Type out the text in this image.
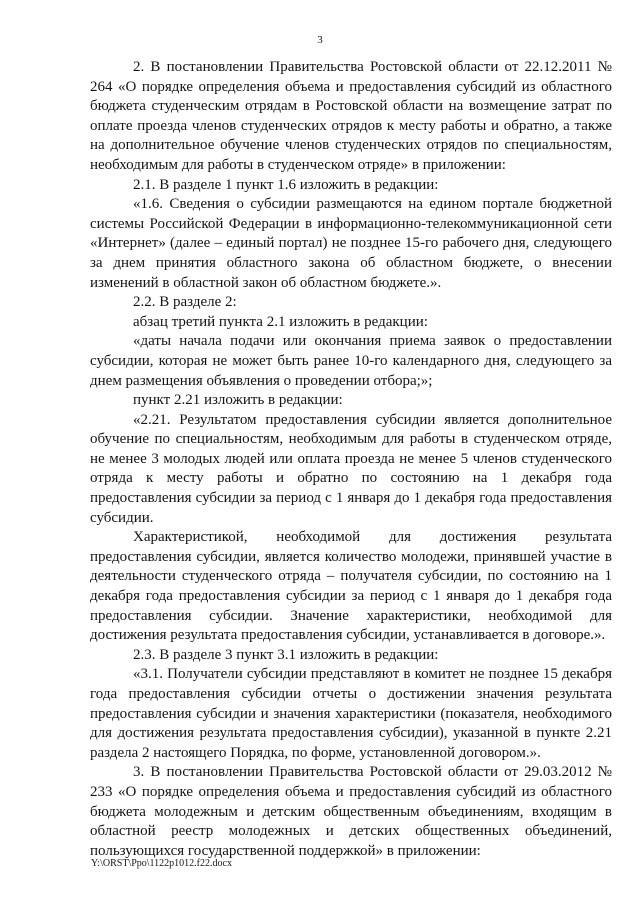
3

2. В постановлении Правительства Ростовской области от 22.12.2011 № 264 «О порядке определения объема и предоставления субсидий из областного бюджета студенческим отрядам в Ростовской области на возмещение затрат по оплате проезда членов студенческих отрядов к месту работы и обратно, а также на дополнительное обучение членов студенческих отрядов по специальностям, необходимым для работы в студенческом отряде» в приложении:

2.1. В разделе 1 пункт 1.6 изложить в редакции:

«1.6. Сведения о субсидии размещаются на едином портале бюджетной системы Российской Федерации в информационно-телекоммуникационной сети «Интернет» (далее – единый портал) не позднее 15-го рабочего дня, следующего за днем принятия областного закона об областном бюджете, о внесении изменений в областной закон об областном бюджете.».

2.2. В разделе 2:

абзац третий пункта 2.1 изложить в редакции:

«даты начала подачи или окончания приема заявок о предоставлении субсидии, которая не может быть ранее 10-го календарного дня, следующего за днем размещения объявления о проведении отбора;»;

пункт 2.21 изложить в редакции:

«2.21. Результатом предоставления субсидии является дополнительное обучение по специальностям, необходимым для работы в студенческом отряде, не менее 3 молодых людей или оплата проезда не менее 5 членов студенческого отряда к месту работы и обратно по состоянию на 1 декабря года предоставления субсидии за период с 1 января до 1 декабря года предоставления субсидии.

Характеристикой, необходимой для достижения результата предоставления субсидии, является количество молодежи, принявшей участие в деятельности студенческого отряда – получателя субсидии, по состоянию на 1 декабря года предоставления субсидии за период с 1 января до 1 декабря года предоставления субсидии. Значение характеристики, необходимой для достижения результата предоставления субсидии, устанавливается в договоре.».

2.3. В разделе 3 пункт 3.1 изложить в редакции:

«3.1. Получатели субсидии представляют в комитет не позднее 15 декабря года предоставления субсидии отчеты о достижении значения результата предоставления субсидии и значения характеристики (показателя, необходимого для достижения результата предоставления субсидии), указанной в пункте 2.21 раздела 2 настоящего Порядка, по форме, установленной договором.».

3. В постановлении Правительства Ростовской области от 29.03.2012 № 233 «О порядке определения объема и предоставления субсидий из областного бюджета молодежным и детским общественным объединениям, входящим в областной реестр молодежных и детских общественных объединений, пользующихся государственной поддержкой» в приложении:

Y:\ORST\Ppo\1122p1012.f22.docx
